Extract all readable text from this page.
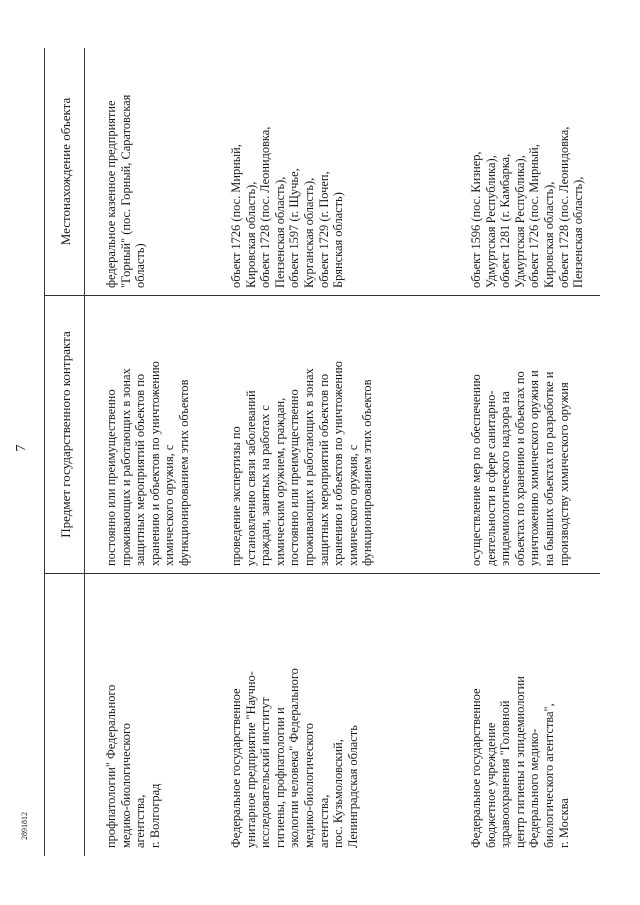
7 Предмет государственного контракта
Местонахождение объекта
профпатологии" Федерального медико-биологического агентства, г. Волгоград
постоянно или преимущественно проживающих и работающих в зонах защитных мероприятий объектов по хранению и объектов по уничтожению химического оружия, с функционированием этих объектов
федеральное казенное предприятие "Горный" (пос. Горный, Саратовская область)
Федеральное государственное унитарное предприятие "Научно- исследовательский институт гигиены, профпатологии и экологии человека" Федерального медико-биологического агентства, пос. Кузьмоловский, Ленинградская область
проведение экспертизы по установлению связи заболеваний граждан, занятых на работах с химическим оружием, граждан, постоянно или преимущественно проживающих и работающих в зонах защитных мероприятий объектов по хранению и объектов по уничтожению химического оружия, с функционированием этих объектов
объект 1726 (пос. Мирный, Кировская область), объект 1728 (пос. Леонидовка, Пензенская область), объект 1597 (г. Щучье, Курганская область), объект 1729 (г. Почеп, Брянская область)
Федеральное государственное бюджетное учреждение здравоохранения "Головной центр гигиены и эпидемиологии Федерального медико- биологического агентства", г. Москва
осуществление мер по обеспечению деятельности в сфере санитарно- эпидемиологического надзора на объектах по хранению и объектах по уничтожению химического оружия и на бывших объектах по разработке и производству химического оружия
объект 1596 (пос. Кизнер, Удмуртская Республика), объект 1281 (г. Камбарка, Удмуртская Республика), объект 1726 (пос. Мирный, Кировская область), объект 1728 (пос. Леонидовка, Пензенская область),
2891812
